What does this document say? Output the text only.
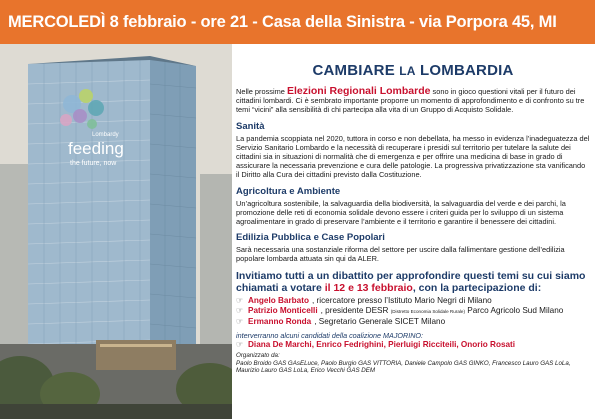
MERCOLEDÌ 8 febbraio - ore 21 - Casa della Sinistra - via Porpora 45, MI
Lombardy
feeding
the future, now
CAMBIARE LA LOMBARDIA

Nelle prossime Elezioni Regionali Lombarde sono in gioco questioni vitali per il futuro dei cittadini lombardi. Ci è sembrato importante proporre un momento di approfondimento e di confronto su tre temi “vicini” alla sensibilità di chi partecipa alla vita di un Gruppo di Acquisto Solidale.

Sanità

La pandemia scoppiata nel 2020, tuttora in corso e non debellata, ha messo in evidenza l’inadeguatezza del Servizio Sanitario Lombardo e la necessità di recuperare i presidi sul territorio per tutelare la salute dei cittadini sia in situazioni di normalità che di emergenza e per offrire una medicina di base in grado di assicurare la necessaria prevenzione e cura delle patologie. La progressiva privatizzazione sta vanificando il Diritto alla Cura dei cittadini previsto dalla Costituzione.

Agricoltura e Ambiente

Un’agricoltura sostenibile, la salvaguardia della biodiversità, la salvaguardia del verde e dei parchi, la promozione delle reti di economia solidale devono essere i criteri guida per lo sviluppo di un sistema agroalimentare in grado di preservare l’ambiente e il territorio e garantire il benessere dei cittadini.

Edilizia Pubblica e Case Popolari

Sarà necessaria una sostanziale riforma del settore per uscire dalla fallimentare gestione dell’edilizia popolare lombarda attuata sin qui da ALER.

Invitiamo tutti a un dibattito per approfondire questi temi su cui siamo chiamati a votare il 12 e 13 febbraio, con la partecipazione di:
☞ Angelo Barbato , ricercatore presso l’Istituto Mario Negri di Milano
☞ Patrizio Monticelli , presidente DESR (Distretto Economia Solidale Rurale) Parco Agricolo Sud Milano
☞ Ermanno Ronda , Segretario Generale SICET Milano
interverranno alcuni candidati della coalizione MAJORINO:
☞ Diana De Marchi, Enrico Fedrighini, Pierluigi Ricciteili, Onorio Rosati
Organizzato da:
Paolo Broido GAS GAsELuce, Paolo Burgio GAS VITTORIA, Daniele Campolo GAS GINKO, Francesco Lauro GAS LoLa,
Maurizio Lauro GAS LoLa, Erico Vecchi GAS DEM
